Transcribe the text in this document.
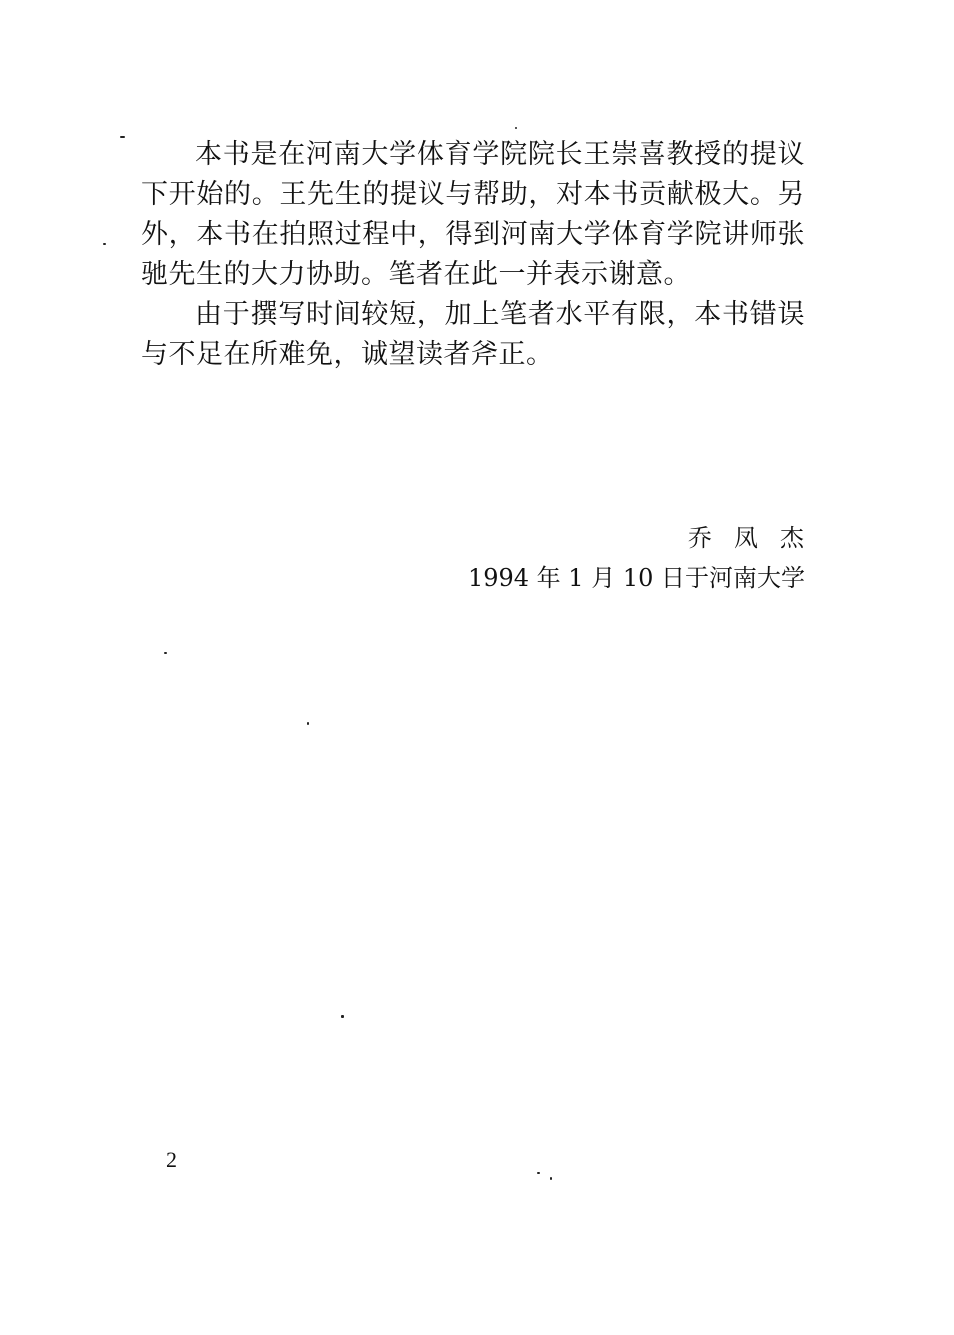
本书是在河南大学体育学院院长王崇喜教授的提议下开始的。王先生的提议与帮助，对本书贡献极大。另外，本书在拍照过程中，得到河南大学体育学院讲师张驰先生的大力协助。笔者在此一并表示谢意。

由于撰写时间较短，加上笔者水平有限，本书错误与不足在所难免，诚望读者斧正。

乔凤杰
1994 年 1 月 10 日于河南大学
2
